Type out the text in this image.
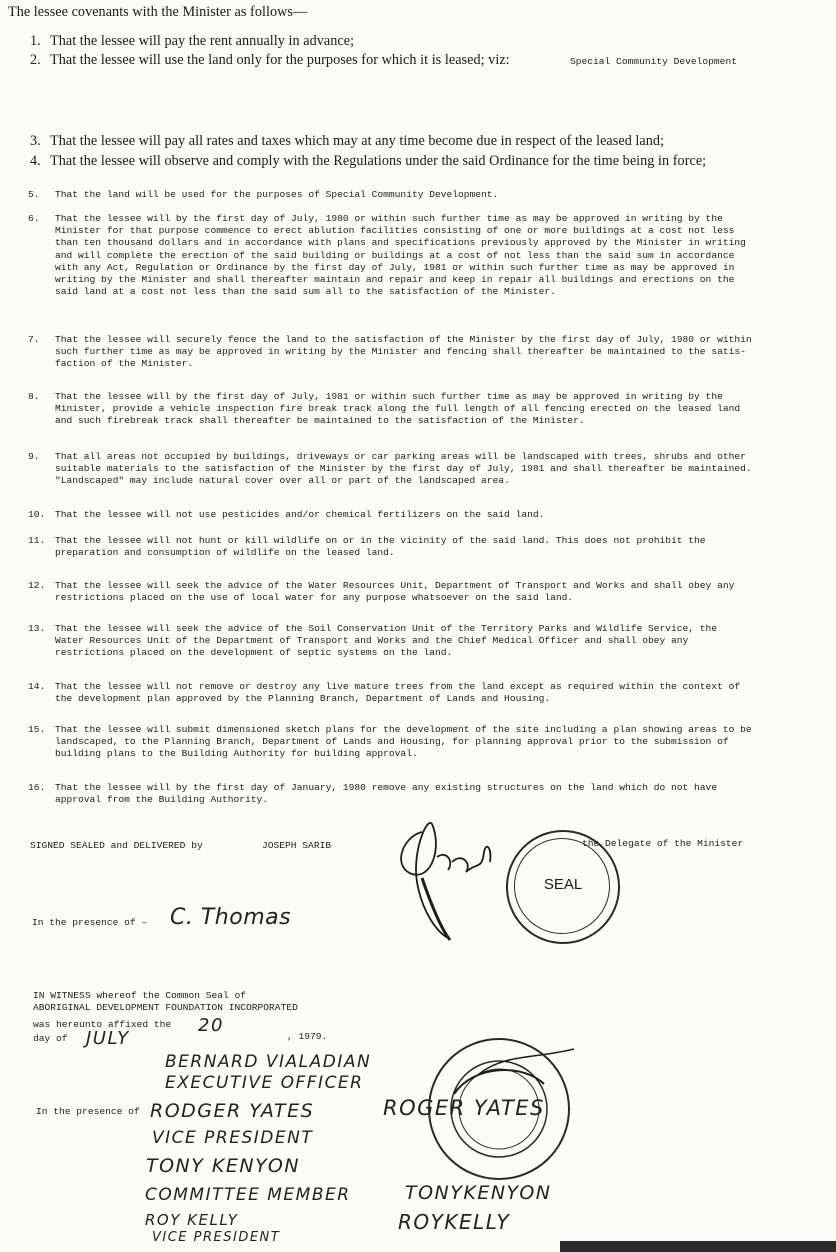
The lessee covenants with the Minister as follows—
1. That the lessee will pay the rent annually in advance;
2. That the lessee will use the land only for the purposes for which it is leased; viz:	Special Community Development
3. That the lessee will pay all rates and taxes which may at any time become due in respect of the leased land;
4. That the lessee will observe and comply with the Regulations under the said Ordinance for the time being in force;
5. That the land will be used for the purposes of Special Community Development.
6. That the lessee will by the first day of July, 1980 or within such further time as may be approved in writing by the
Minister for that purpose commence to erect ablution facilities consisting of one or more buildings at a cost not less
than ten thousand dollars and in accordance with plans and specifications previously approved by the Minister in writing
and will complete the erection of the said building or buildings at a cost of not less than the said sum in accordance
with any Act, Regulation or Ordinance by the first day of July, 1981 or within such further time as may be approved in
writing by the Minister and shall thereafter maintain and repair and keep in repair all buildings and erections on the
said land at a cost not less than the said sum all to the satisfaction of the Minister.
7. That the lessee will securely fence the land to the satisfaction of the Minister by the first day of July, 1980 or within
such further time as may be approved in writing by the Minister and fencing shall thereafter be maintained to the satis-
faction of the Minister.
8. That the lessee will by the first day of July, 1981 or within such further time as may be approved in writing by the
Minister, provide a vehicle inspection fire break track along the full length of all fencing erected on the leased land
and such firebreak track shall thereafter be maintained to the satisfaction of the Minister.
9. That all areas not occupied by buildings, driveways or car parking areas will be landscaped with trees, shrubs and other
suitable materials to the satisfaction of the Minister by the first day of July, 1981 and shall thereafter be maintained.
"Landscaped" may include natural cover over all or part of the landscaped area.
10. That the lessee will not use pesticides and/or chemical fertilizers on the said land.
11. That the lessee will not hunt or kill wildlife on or in the vicinity of the said land. This does not prohibit the
preparation and consumption of wildlife on the leased land.
12. That the lessee will seek the advice of the Water Resources Unit, Department of Transport and Works and shall obey any
restrictions placed on the use of local water for any purpose whatsoever on the said land.
13. That the lessee will seek the advice of the Soil Conservation Unit of the Territory Parks and Wildlife Service, the
Water Resources Unit of the Department of Transport and Works and the Chief Medical Officer and shall obey any
restrictions placed on the development of septic systems on the land.
14. That the lessee will not remove or destroy any live mature trees from the land except as required within the context of
the development plan approved by the Planning Branch, Department of Lands and Housing.
15. That the lessee will submit dimensioned sketch plans for the development of the site including a plan showing areas to be
landscaped, to the Planning Branch, Department of Lands and Housing, for planning approval prior to the submission of
building plans to the Building Authority for building approval.
16. That the lessee will by the first day of January, 1980 remove any existing structures on the land which do not have
approval from the Building Authority.
SIGNED SEALED and DELIVERED by	JOSEPH SARIB	the Delegate of the Minister
In the presence of –
IN WITNESS whereof the Common Seal of
ABORIGINAL DEVELOPMENT FOUNDATION INCORPORATED
was hereunto affixed the
day of	, 1979.
In the presence of
SEAL
C. Thomas
20
JULY
BERNARD VIALADIAN
EXECUTIVE OFFICER
RODGER YATES	ROGER YATES
VICE PRESIDENT
TONY KENYON
COMMITTEE MEMBER	TONYKENYON
ROY KELLY	ROYKELLY
VICE PRESIDENT
